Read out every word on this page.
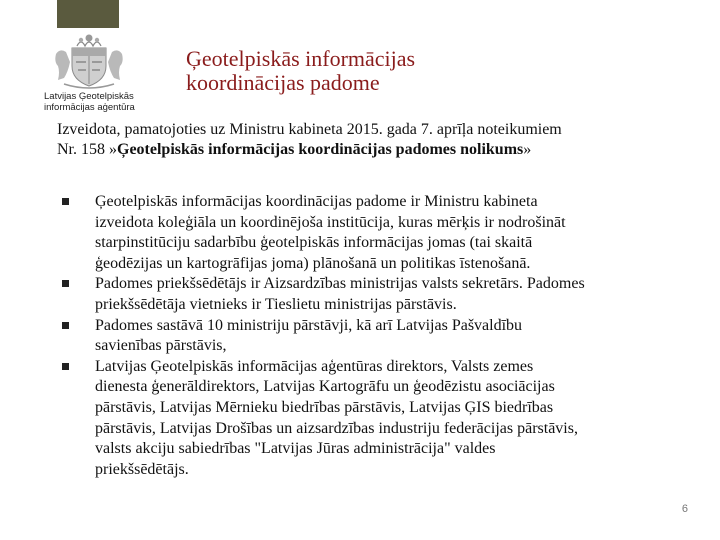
Latvijas Ģeotelpiskās
informācijas aģentūra
Ģeotelpiskās informācijas
koordinācijas padome
Izveidota, pamatojoties uz Ministru kabineta 2015. gada 7. aprīļa noteikumiem
Nr. 158 »Ģeotelpiskās informācijas koordinācijas padomes nolikums»
Ģeotelpiskās informācijas koordinācijas padome ir Ministru kabineta
izveidota koleģiāla un koordinējoša institūcija, kuras mērķis ir nodrošināt
starpinstitūciju sadarbību ģeotelpiskās informācijas jomas (tai skaitā
ģeodēzijas un kartogrāfijas joma) plānošanā un politikas īstenošanā.
Padomes priekšsēdētājs ir Aizsardzības ministrijas valsts sekretārs. Padomes
priekšsēdētāja vietnieks ir Tieslietu ministrijas pārstāvis.
Padomes sastāvā 10 ministriju pārstāvji, kā arī Latvijas Pašvaldību
savienības pārstāvis,
Latvijas Ģeotelpiskās informācijas aģentūras direktors, Valsts zemes
dienesta ģenerāldirektors, Latvijas Kartogrāfu un ģeodēzistu asociācijas
pārstāvis, Latvijas Mērnieku biedrības pārstāvis, Latvijas ĢIS biedrības
pārstāvis, Latvijas Drošības un aizsardzības industriju federācijas pārstāvis,
valsts akciju sabiedrības "Latvijas Jūras administrācija" valdes
priekšsēdētājs.
6
